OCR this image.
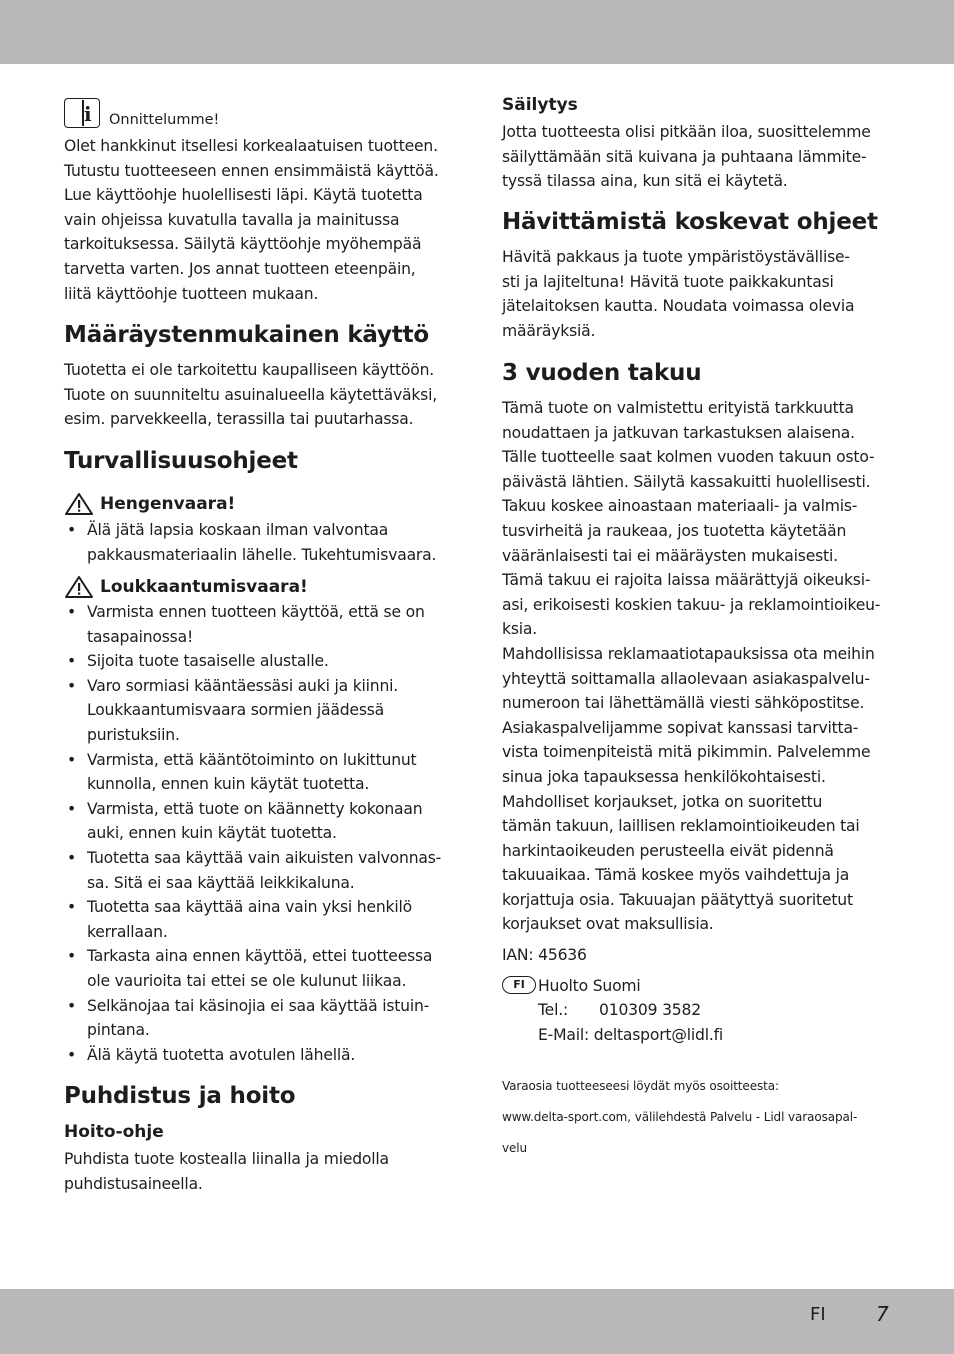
i Onnittelumme!

Olet hankkinut itsellesi korkealaatuisen tuotteen.

Tutustu tuotteeseen ennen ensimmäistä käyttöä.

Lue käyttöohje huolellisesti läpi. Käytä tuotetta

vain ohjeissa kuvatulla tavalla ja mainitussa

tarkoituksessa. Säilytä käyttöohje myöhempää

tarvetta varten. Jos annat tuotteen eteenpäin,

liitä käyttöohje tuotteen mukaan.

Määräystenmukainen käyttö

Tuotetta ei ole tarkoitettu kaupalliseen käyttöön.

Tuote on suunniteltu asuinalueella käytettäväksi,

esim. parvekkeella, terassilla tai puutarhassa.

Turvallisuusohjeet
Hengenvaara!
• Älä jätä lapsia koskaan ilman valvontaa
pakkausmateriaalin lähelle. Tukehtumisvaara.
Loukkaantumisvaara!
• Varmista ennen tuotteen käyttöä, että se on
tasapainossa!
• Sijoita tuote tasaiselle alustalle.
• Varo sormiasi kääntäessäsi auki ja kiinni.
Loukkaantumisvaara sormien jäädessä
puristuksiin.
• Varmista, että kääntötoiminto on lukittunut
kunnolla, ennen kuin käytät tuotetta.
• Varmista, että tuote on käännetty kokonaan
auki, ennen kuin käytät tuotetta.
• Tuotetta saa käyttää vain aikuisten valvonnas-
sa. Sitä ei saa käyttää leikkikaluna.
• Tuotetta saa käyttää aina vain yksi henkilö
kerrallaan.
• Tarkasta aina ennen käyttöä, ettei tuotteessa
ole vaurioita tai ettei se ole kulunut liikaa.
• Selkänojaa tai käsinojia ei saa käyttää istuin-
pintana.
• Älä käytä tuotetta avotulen lähellä.
Puhdistus ja hoito
Hoito-ohje

Puhdista tuote kostealla liinalla ja miedolla

puhdistusaineella.

Säilytys

Jotta tuotteesta olisi pitkään iloa, suosittelemme

säilyttämään sitä kuivana ja puhtaana lämmite-

tyssä tilassa aina, kun sitä ei käytetä.

Hävittämistä koskevat ohjeet

Hävitä pakkaus ja tuote ympäristöystävällise-

sti ja lajiteltuna! Hävitä tuote paikkakuntasi

jätelaitoksen kautta. Noudata voimassa olevia

määräyksiä.

3 vuoden takuu

Tämä tuote on valmistettu erityistä tarkkuutta

noudattaen ja jatkuvan tarkastuksen alaisena.

Tälle tuotteelle saat kolmen vuoden takuun osto-

päivästä lähtien. Säilytä kassakuitti huolellisesti.

Takuu koskee ainoastaan materiaali- ja valmis-

tusvirheitä ja raukeaa, jos tuotetta käytetään

vääränlaisesti tai ei määräysten mukaisesti.

Tämä takuu ei rajoita laissa määrättyjä oikeuksi-

asi, erikoisesti koskien takuu- ja reklamointioikeu-

ksia.

Mahdollisissa reklamaatiotapauksissa ota meihin

yhteyttä soittamalla allaolevaan asiakaspalvelu-

numeroon tai lähettämällä viesti sähköpostitse.

Asiakaspalvelijamme sopivat kanssasi tarvitta-

vista toimenpiteistä mitä pikimmin. Palvelemme

sinua joka tapauksessa henkilökohtaisesti.

Mahdolliset korjaukset, jotka on suoritettu

tämän takuun, laillisen reklamointioikeuden tai

harkintaoikeuden perusteella eivät pidennä

takuuaikaa. Tämä koskee myös vaihdettuja ja

korjattuja osia. Takuuajan päätyttyä suoritetut

korjaukset ovat maksullisia.

IAN: 45636
FI Huolto Suomi
Tel.: 010309 3582
E-Mail: deltasport@lidl.fi

Varaosia tuotteeseesi löydät myös osoitteesta:

www.delta-sport.com, välilehdestä Palvelu - Lidl varaosapal-

velu

FI	7
